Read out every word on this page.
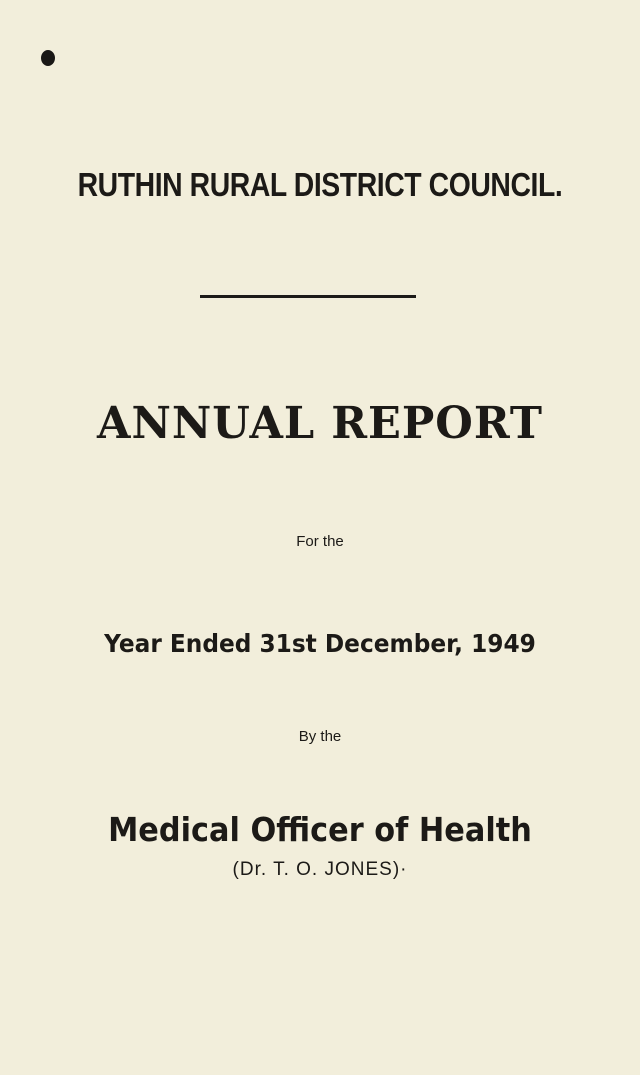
RUTHIN RURAL DISTRICT COUNCIL.
ANNUAL REPORT
For the
Year Ended 31st December, 1949
By the
Medical Officer of Health
(Dr. T. O. JONES)·
